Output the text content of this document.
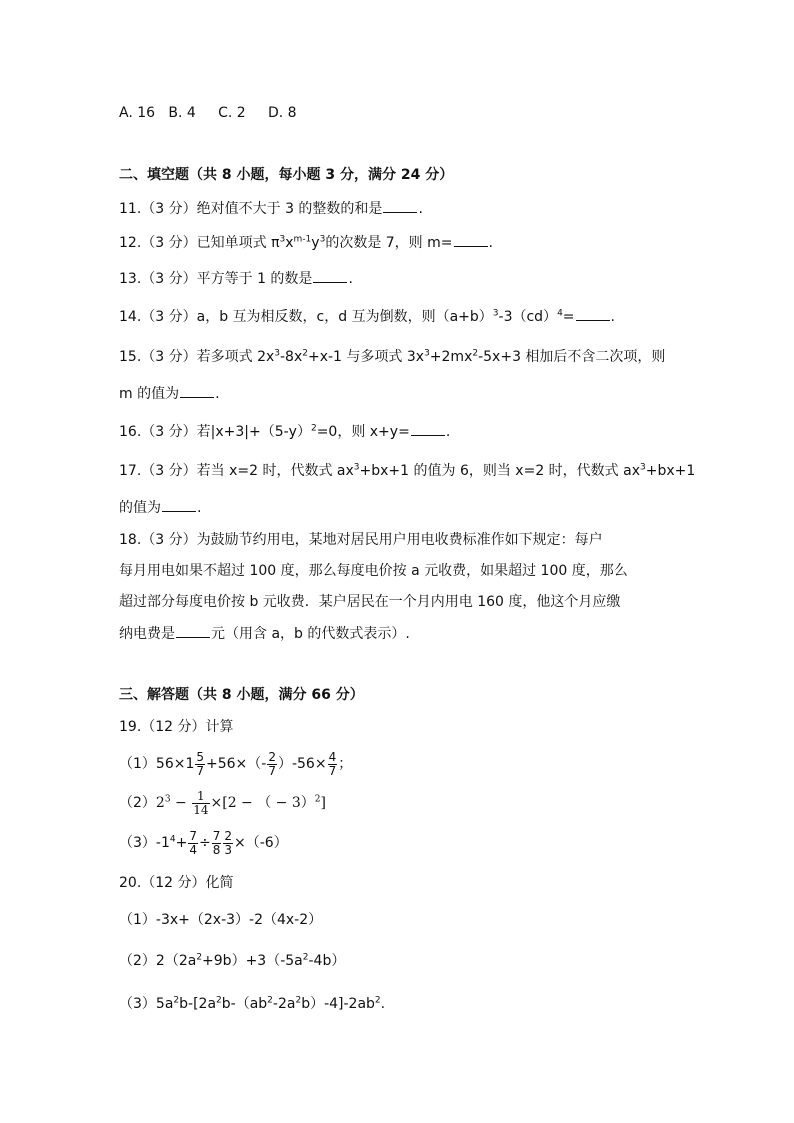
A. 16 B. 4 C. 2 D. 8
二、填空题（共 8 小题，每小题 3 分，满分 24 分）
11.（3 分）绝对值不大于 3 的整数的和是	.
12.（3 分）已知单项式 $\pi^3x^{m-1}y^3$的次数是 7，则 m=	.
13.（3 分）平方等于 1 的数是	.
14.（3 分）a，b 互为相反数，c，d 互为倒数，则$(a+b)^3-3(cd)^4=$	.
15.（3 分）若多项式 $2x^3-8x^2+x-1$ 与多项式 $3x^3+2mx^2-5x+3$ 相加后不含二次项，则
m 的值为	.
16.（3 分）若$|x+3|+(5-y)^2=0$，则 x+y=	.
17.（3 分）若当 x=2 时，代数式 $ax^3+bx+1$ 的值为 6，则当 x=2 时，代数式 $ax^3+bx+1$
的值为	.
18.（3 分）为鼓励节约用电，某地对居民用户用电收费标准作如下规定：每户
每月用电如果不超过 100 度，那么每度电价按 a 元收费，如果超过 100 度，那么
超过部分每度电价按 b 元收费．某户居民在一个月内用电 160 度，他这个月应缴
纳电费是	元（用含 a，b 的代数式表示）.
三、解答题（共 8 小题，满分 66 分）
19.（12 分）计算
$(1)56\times 1 \frac{5}{7} +56\times(- \frac{2}{7} )-56\times \frac{4}{7}$ ；
$(2)2^3 - \frac{1}{14} \times[2$ − （ − 3）$^2$]
$(3)-1^4+ \frac{7}{4} \div \frac{7}{8} \frac{2}{3} \times(-6)$
20.（12 分）化简
（1）-3x+（2x-3）-2（4x-2）
$(2)2(2a^2+9b)+3(-5a^2-4b)$
$(3)5a^2b-[2a^2b-(ab^2-2a^2b)-4]-2ab^2$.
